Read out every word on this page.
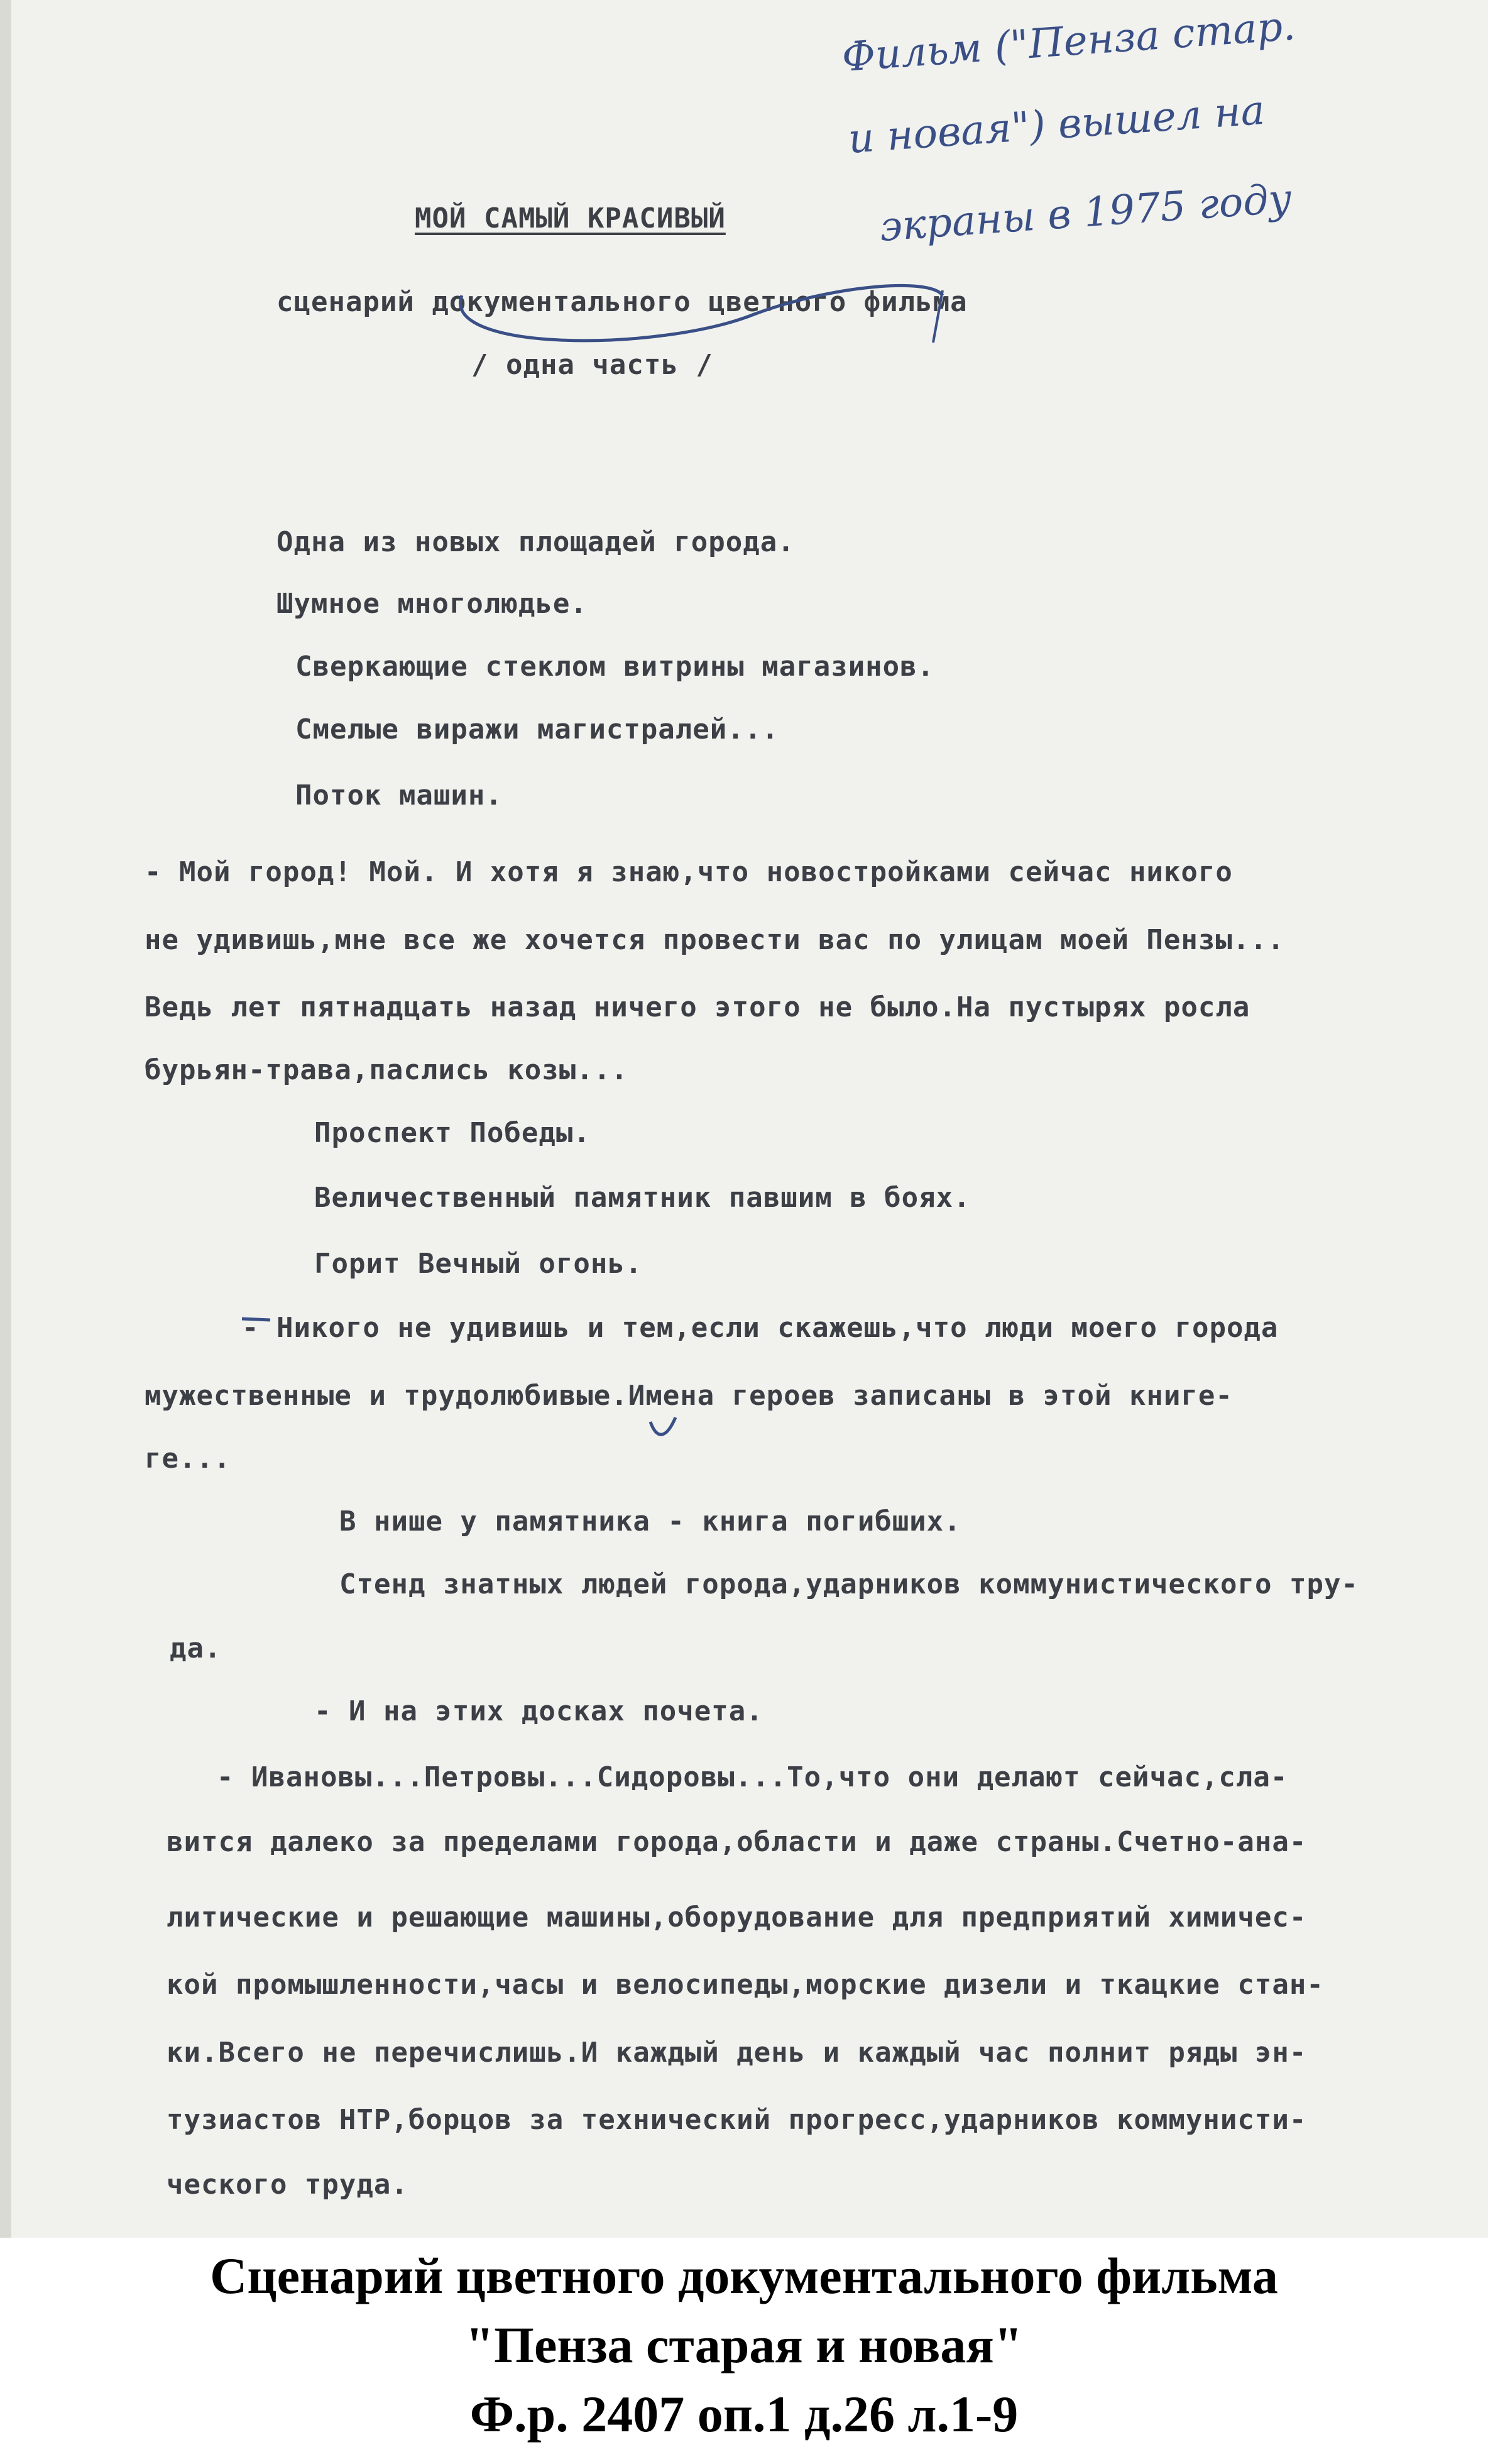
Фильм ("Пенза стар.
и новая") вышел на
экраны в 1975 году
МОЙ САМЫЙ КРАСИВЫЙ
сценарий документального цветного фильма
/ одна часть /
Одна из новых площадей города.
Шумное многолюдье.
Сверкающие стеклом витрины магазинов.
Смелые виражи магистралей...
Поток машин.
- Мой город! Мой. И хотя я знаю,что новостройками сейчас никого
не удивишь,мне все же хочется провести вас по улицам моей Пензы...
Ведь лет пятнадцать назад ничего этого не было.На пустырях росла
бурьян-трава,паслись козы...
Проспект Победы.
Величественный памятник павшим в боях.
Горит Вечный огонь.
- Никого не удивишь и тем,если скажешь,что люди моего города
мужественные и трудолюбивые.Имена героев записаны в этой книге-
ге...
В нише у памятника - книга погибших.
Стенд знатных людей города,ударников коммунистического тру-
да.
- И на этих досках почета.
- Ивановы...Петровы...Сидоровы...То,что они делают сейчас,сла-
вится далеко за пределами города,области и даже страны.Счетно-ана-
литические и решающие машины,оборудование для предприятий химичес-
кой промышленности,часы и велосипеды,морские дизели и ткацкие стан-
ки.Всего не перечислишь.И каждый день и каждый час полнит ряды эн-
тузиастов НТР,борцов за технический прогресс,ударников коммунисти-
ческого труда.
Сценарий цветного документального фильма
"Пенза старая и новая"
Ф.р. 2407 оп.1 д.26 л.1-9
